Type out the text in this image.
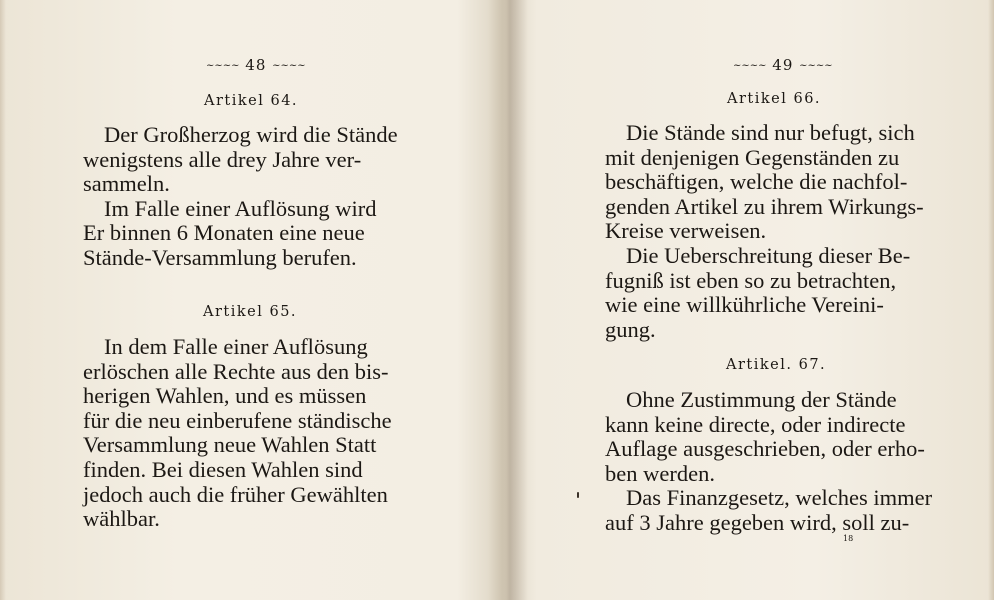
~~~~ 48 ~~~~
Artikel 64.

Der Großherzog wird die Stände

wenigstens alle drey Jahre ver-

sammeln.

Im Falle einer Auflösung wird

Er binnen 6 Monaten eine neue

Stände-Versammlung berufen.

Artikel 65.

In dem Falle einer Auflösung

erlöschen alle Rechte aus den bis-

herigen Wahlen, und es müssen

für die neu einberufene ständische

Versammlung neue Wahlen Statt

finden. Bei diesen Wahlen sind

jedoch auch die früher Gewählten

wählbar.

~~~~ 49 ~~~~
Artikel 66.

Die Stände sind nur befugt, sich

mit denjenigen Gegenständen zu

beschäftigen, welche die nachfol-

genden Artikel zu ihrem Wirkungs-

Kreise verweisen.

Die Ueberschreitung dieser Be-

fugniß ist eben so zu betrachten,

wie eine willkührliche Vereini-

gung.

Artikel. 67.

Ohne Zustimmung der Stände

kann keine directe, oder indirecte

Auflage ausgeschrieben, oder erho-

ben werden.

Das Finanzgesetz, welches immer

auf 3 Jahre gegeben wird, soll zu-

18
